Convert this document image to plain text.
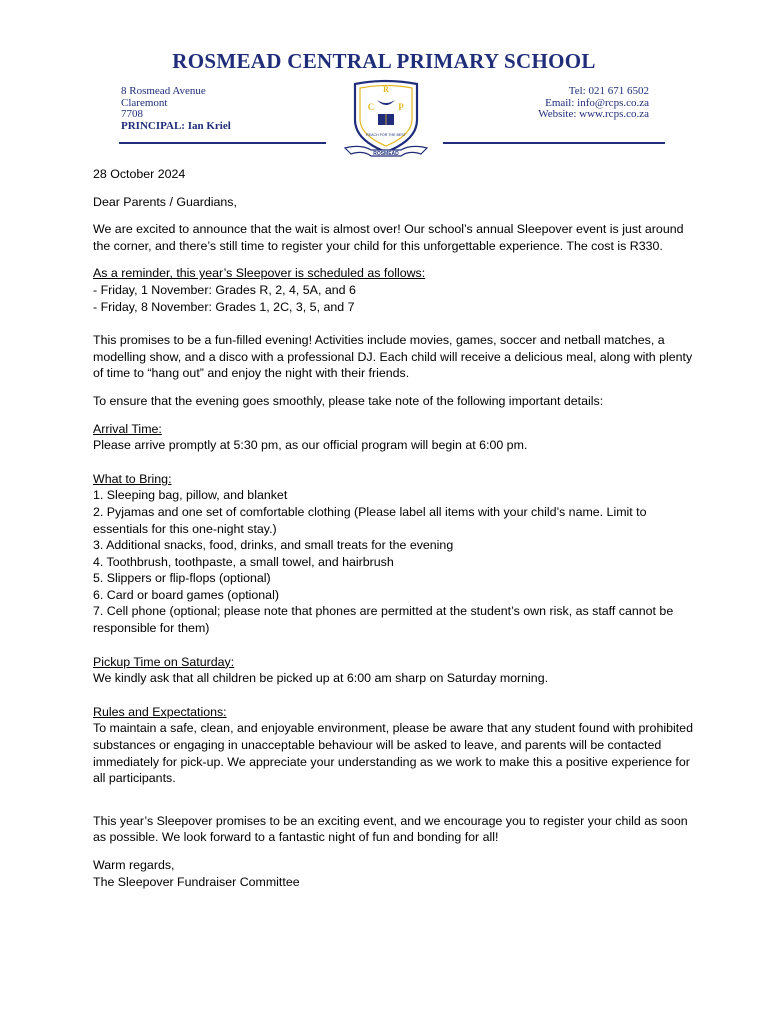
ROSMEAD CENTRAL PRIMARY SCHOOL
8 Rosmead Avenue
Claremont
7708
PRINCIPAL: Ian Kriel
Tel: 021 671 6502
Email: info@rcps.co.za
Website: www.rcps.co.za
R
C	P
REACH FOR THE BEST
ROSMEAD

28 October 2024

Dear Parents / Guardians,

We are excited to announce that the wait is almost over! Our school’s annual Sleepover event is just around the corner, and there’s still time to register your child for this unforgettable experience. The cost is R330.

As a reminder, this year’s Sleepover is scheduled as follows:

- Friday, 1 November: Grades R, 2, 4, 5A, and 6
- Friday, 8 November: Grades 1, 2C, 3, 5, and 7

This promises to be a fun-filled evening! Activities include movies, games, soccer and netball matches, a modelling show, and a disco with a professional DJ. Each child will receive a delicious meal, along with plenty of time to “hang out” and enjoy the night with their friends.

To ensure that the evening goes smoothly, please take note of the following important details:

Arrival Time:

Please arrive promptly at 5:30 pm, as our official program will begin at 6:00 pm.

What to Bring:

1. Sleeping bag, pillow, and blanket
2. Pyjamas and one set of comfortable clothing (Please label all items with your child’s name. Limit to essentials for this one-night stay.)
3. Additional snacks, food, drinks, and small treats for the evening
4. Toothbrush, toothpaste, a small towel, and hairbrush
5. Slippers or flip-flops (optional)
6. Card or board games (optional)
7. Cell phone (optional; please note that phones are permitted at the student’s own risk, as staff cannot be responsible for them)

Pickup Time on Saturday:

We kindly ask that all children be picked up at 6:00 am sharp on Saturday morning.

Rules and Expectations:

To maintain a safe, clean, and enjoyable environment, please be aware that any student found with prohibited substances or engaging in unacceptable behaviour will be asked to leave, and parents will be contacted immediately for pick-up. We appreciate your understanding as we work to make this a positive experience for all participants.

This year’s Sleepover promises to be an exciting event, and we encourage you to register your child as soon as possible. We look forward to a fantastic night of fun and bonding for all!

Warm regards,

The Sleepover Fundraiser Committee
